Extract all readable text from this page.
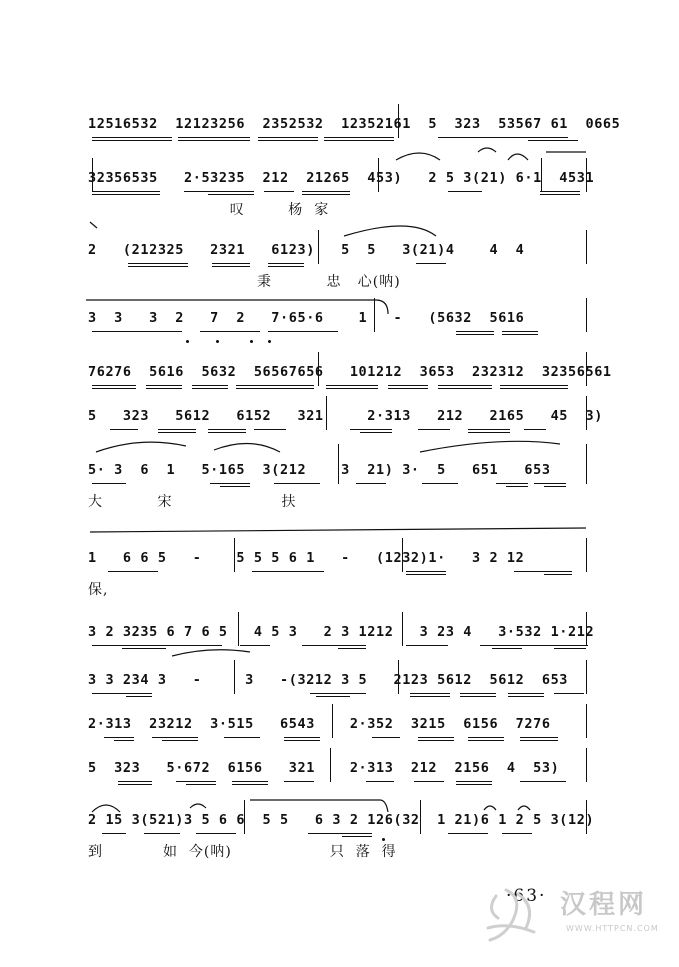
12516532  12123256  2352532  12352161  5  323  53567 61  0665
32356535   2·53235  212  21265  453)   2 5 3(21) 6·1  4531
叹        杨  家
2   (212325   2321   6123)   5  5   3(21)4    4  4
秉          忠   心(呐)
3  3   3  2   7  2   7·65·6    1   -   (5632  5616
76276  5616  5632  56567656   101212  3653  232312  32356561
5   323   5612   6152   321     2·313   212   2165   45  3)
5· 3  6  1   5·165  3(212    3  21) 3·  5   651   653
大          宋                    扶
1   6 6 5   -    5 5 5 6 1   -   (1232)1·   3 2 12
保,
3 2 3235 6 7 6 5   4 5 3   2 3 1212   3 23 4   3·532 1·212
3 3 234 3   -     3   -(3212 3 5   2123 5612  5612  653
2·313  23212  3·515   6543    2·352  3215  6156  7276
5  323   5·672  6156   321    2·313  212  2156  4  53)
2 15 3(521)3 5 6 6  5 5   6 3 2 126(32  1 21)6 1 2 5 3(12)
到           如  今(呐)                  只  落  得
·63· 汉程网
WWW.HTTPCN.COM
